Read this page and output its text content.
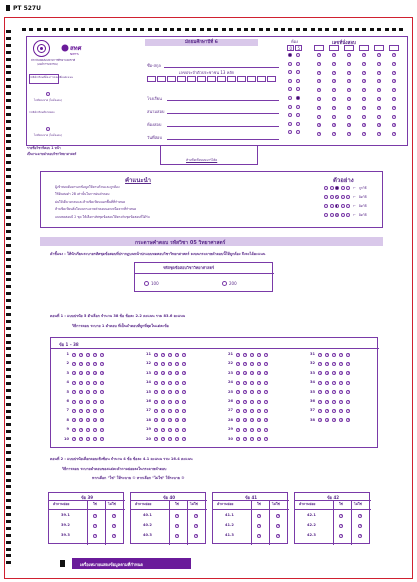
PT 527U
สทศ
NIETS
สถาบันทดสอบทางการศึกษาแห่งชาติ
(องค์การมหาชน)
มัธยมศึกษาปีที่ 6
ชื่อ-สกุล
เลขประจำตัวประชาชน 13 หลัก
โรงเรียน
สนามสอบ
ห้องสอบ
วันที่สอบ
ห้อง
0 5
เลขที่นั่งสอบ
0
1
2
3
4
5
6
7
8
9
0
1
2
3
4
5
6
7
8
9
0
1
2
3
4
5
6
7
8
9
0
1
2
3
4
5
6
7
8
9
0
1
2
3
4
5
6
7
8
9
0
1
2
3
4
5
6
7
8
9
กรณีนักเรียนที่ต้องการขอเปลี่ยนคะแนน
ไปที่ช่องขาด (ไม่ต้องฝน)
กรณีนักเรียนที่ขาดสอบ
ไปที่ช่องขาด (ไม่ต้องฝน)
รายชื่อวิชาที่สอบ 1 หน้า
เป็นกระดาษคำตอบวิชาวิทยาศาสตร์
ห้ามขีดเขียนบนบาร์โค้ด
คำแนะนำ
ผู้เข้าสอบต้องกรอกข้อมูลให้ครบถ้วนและถูกต้อง
ใช้ดินสอดำ 2B เท่านั้นในการฝนคำตอบ
ฝนให้เต็มวงกลมและห้ามขีดเขียนนอกพื้นที่ที่กำหนด
ห้ามขีดเขียนสิ่งใดบนกระดาษคำตอบนอกเหนือจากที่กำหนด
แบบทดสอบมี 2 ชุด ให้เลือกรหัสชุดข้อสอบให้ตรงกับชุดข้อสอบที่ได้รับ
ตัวอย่าง
← ถูกวิธี
← ผิดวิธี
← ผิดวิธี
← ผิดวิธี
กระดาษคำตอบ รหัสวิชา 05 วิทยาศาสตร์
คำชี้แจง : ให้นักเรียนระบายรหัสชุดข้อสอบที่ปรากฏบนหน้าปกแบบทดสอบวิชาวิทยาศาสตร์ ลงบนกระดาษคำตอบนี้ให้ถูกต้อง จึงจะได้คะแนน
รหัสชุดข้อสอบวิชาวิทยาศาสตร์
100	200
ตอนที่ 1 : แบบปรนัย 5 ตัวเลือก จำนวน 38 ข้อ ข้อละ 2.2 คะแนน รวม 83.6 คะแนน
วิธีการตอบ ระบาย 1 คำตอบ ที่เป็นคำตอบที่ถูกที่สุดในแต่ละข้อ
ข้อ 1 – 38
1 1 2 3 4 5
2 1 2 3 4 5
3 1 2 3 4 5
4 1 2 3 4 5
5 1 2 3 4 5
6 1 2 3 4 5
7 1 2 3 4 5
8 1 2 3 4 5
9 1 2 3 4 5
10 1 2 3 4 5
11 1 2 3 4 5
12 1 2 3 4 5
13 1 2 3 4 5
14 1 2 3 4 5
15 1 2 3 4 5
16 1 2 3 4 5
17 1 2 3 4 5
18 1 2 3 4 5
19 1 2 3 4 5
20 1 2 3 4 5
21 1 2 3 4 5
22 1 2 3 4 5
23 1 2 3 4 5
24 1 2 3 4 5
25 1 2 3 4 5
26 1 2 3 4 5
27 1 2 3 4 5
28 1 2 3 4 5
29 1 2 3 4 5
30 1 2 3 4 5
31 1 2 3 4 5
32 1 2 3 4 5
33 1 2 3 4 5
34 1 2 3 4 5
35 1 2 3 4 5
36 1 2 3 4 5
37 1 2 3 4 5
38 1 2 3 4 5
ตอนที่ 2 : แบบปรนัยเลือกตอบเชิงซ้อน จำนวน 4 ข้อ ข้อละ 4.1 คะแนน รวม 16.4 คะแนน
วิธีการตอบ ระบายคำตอบของแต่ละคำถามย่อยลงในกระดาษคำตอบ
หากเลือก "ใช่" ให้ระบาย ① หากเลือก "ไม่ใช่" ให้ระบาย ②
ข้อ 39
คำถามย่อย	ใช่	ไม่ใช่
39.1	1	2
39.2	1	2
39.3	1	2
ข้อ 40
คำถามย่อย	ใช่	ไม่ใช่
40.1	1	2
40.2	1	2
40.3	1	2
ข้อ 41
คำถามย่อย	ใช่	ไม่ใช่
41.1	1	2
41.2	1	2
41.3	1	2
ข้อ 42
คำถามย่อย	ใช่	ไม่ใช่
42.1	1	2
42.2	1	2
42.3	1	2
เครื่องหมายแสดงข้อมูลตามที่กำหนด
